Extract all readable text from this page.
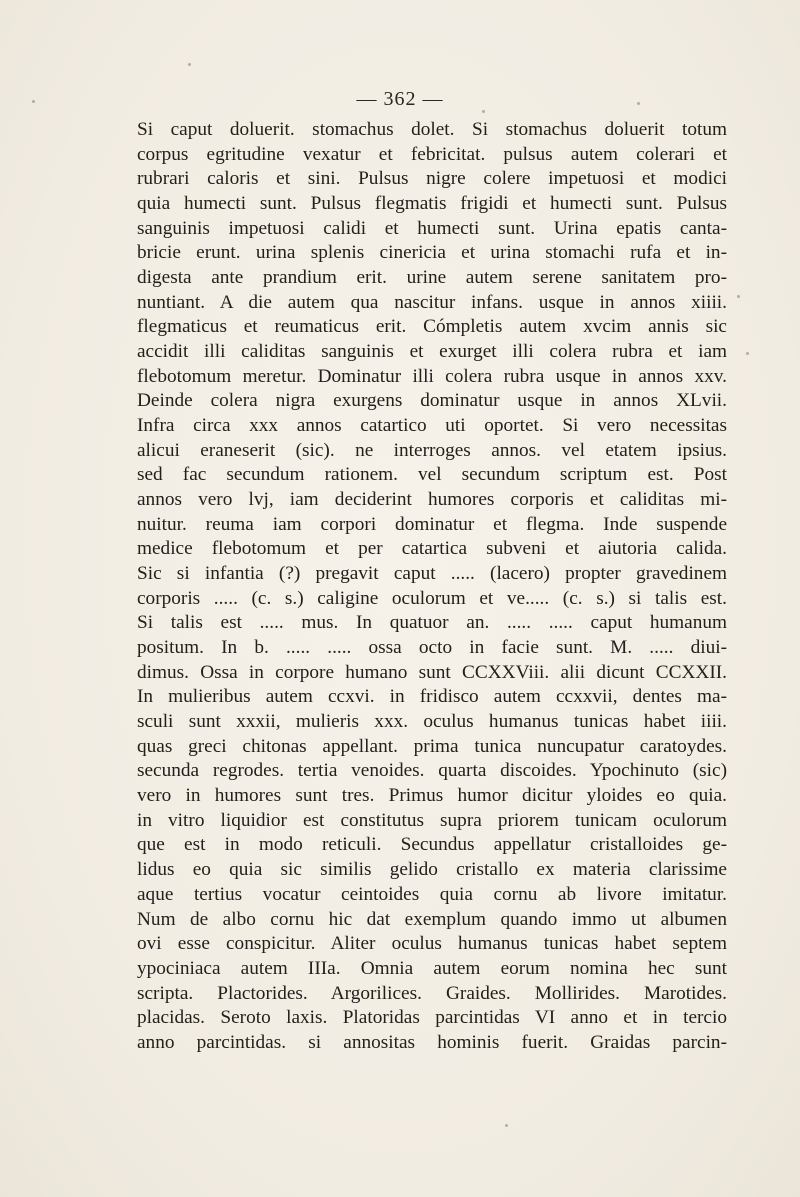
— 362 —
Si caput doluerit. stomachus dolet. Si stomachus doluerit totum
corpus egritudine vexatur et febricitat. pulsus autem colerari et
rubrari caloris et sini. Pulsus nigre colere impetuosi et modici
quia humecti sunt. Pulsus flegmatis frigidi et humecti sunt. Pulsus
sanguinis impetuosi calidi et humecti sunt. Urina epatis canta-
bricie erunt. urina splenis cinericia et urina stomachi rufa et in-
digesta ante prandium erit. urine autem serene sanitatem pro-
nuntiant. A die autem qua nascitur infans. usque in annos xiiii.
flegmaticus et reumaticus erit. Cómpletis autem xvcim annis sic
accidit illi caliditas sanguinis et exurget illi colera rubra et iam
flebotomum meretur. Dominatur illi colera rubra usque in annos xxv.
Deinde colera nigra exurgens dominatur usque in annos XLvii.
Infra circa xxx annos catartico uti oportet. Si vero necessitas
alicui eraneserit (sic). ne interroges annos. vel etatem ipsius.
sed fac secundum rationem. vel secundum scriptum est. Post
annos vero lvj, iam deciderint humores corporis et caliditas mi-
nuitur. reuma iam corpori dominatur et flegma. Inde suspende
medice flebotomum et per catartica subveni et aiutoria calida.
Sic si infantia (?) pregavit caput ..... (lacero) propter gravedinem
corporis ..... (c. s.) caligine oculorum et ve..... (c. s.) si talis est.
Si talis est ..... mus. In quatuor an. ..... ..... caput humanum
positum. In b. ..... ..... ossa octo in facie sunt. M. ..... diui-
dimus. Ossa in corpore humano sunt CCXXViii. alii dicunt CCXXII.
In mulieribus autem ccxvi. in fridisco autem ccxxvii, dentes ma-
sculi sunt xxxii, mulieris xxx. oculus humanus tunicas habet iiii.
quas greci chitonas appellant. prima tunica nuncupatur caratoydes.
secunda regrodes. tertia venoides. quarta discoides. Ypochinuto (sic)
vero in humores sunt tres. Primus humor dicitur yloides eo quia.
in vitro liquidior est constitutus supra priorem tunicam oculorum
que est in modo reticuli. Secundus appellatur cristalloides ge-
lidus eo quia sic similis gelido cristallo ex materia clarissime
aque tertius vocatur ceintoides quia cornu ab livore imitatur.
Num de albo cornu hic dat exemplum quando immo ut albumen
ovi esse conspicitur. Aliter oculus humanus tunicas habet septem
ypociniaca autem IIIa. Omnia autem eorum nomina hec sunt
scripta. Plactorides. Argorilices. Graides. Mollirides. Marotides.
placidas. Seroto laxis. Platoridas parcintidas VI anno et in tercio
anno parcintidas. si annositas hominis fuerit. Graidas parcin-
